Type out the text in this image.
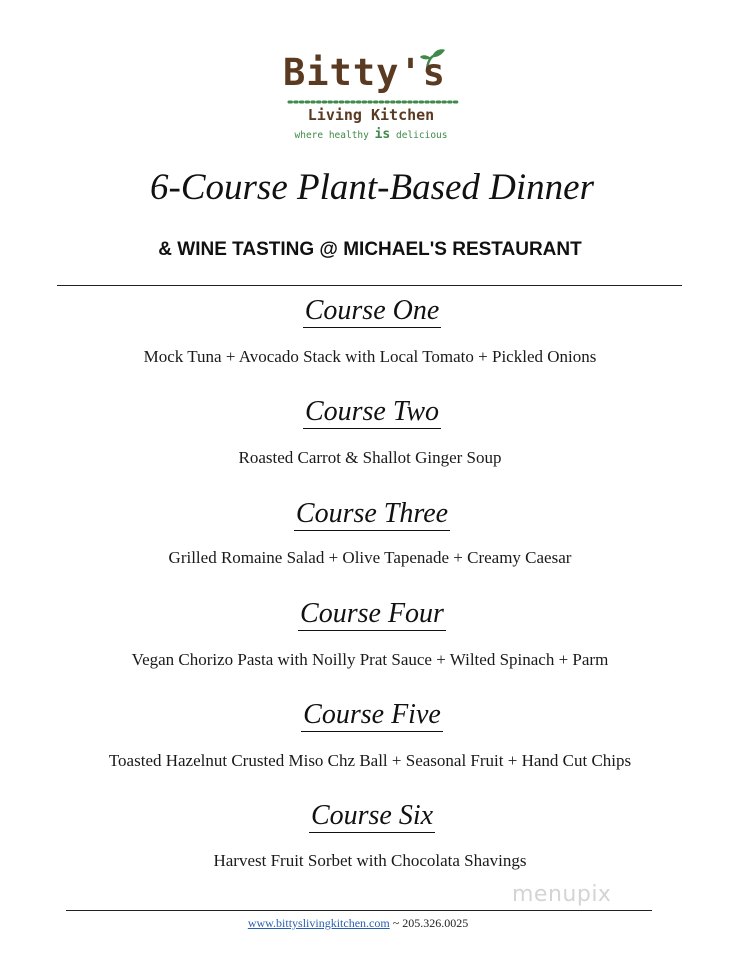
Bitty's
Living Kitchen
where healthy is delicious
6-Course Plant-Based Dinner
& WINE TASTING @ MICHAEL'S RESTAURANT
Course One
Mock Tuna + Avocado Stack with Local Tomato + Pickled Onions
Course Two
Roasted Carrot & Shallot Ginger Soup
Course Three
Grilled Romaine Salad + Olive Tapenade + Creamy Caesar
Course Four
Vegan Chorizo Pasta with Noilly Prat Sauce + Wilted Spinach + Parm
Course Five
Toasted Hazelnut Crusted Miso Chz Ball + Seasonal Fruit + Hand Cut Chips
Course Six
Harvest Fruit Sorbet with Chocolata Shavings
menupix
www.bittyslivingkitchen.com ~ 205.326.0025
